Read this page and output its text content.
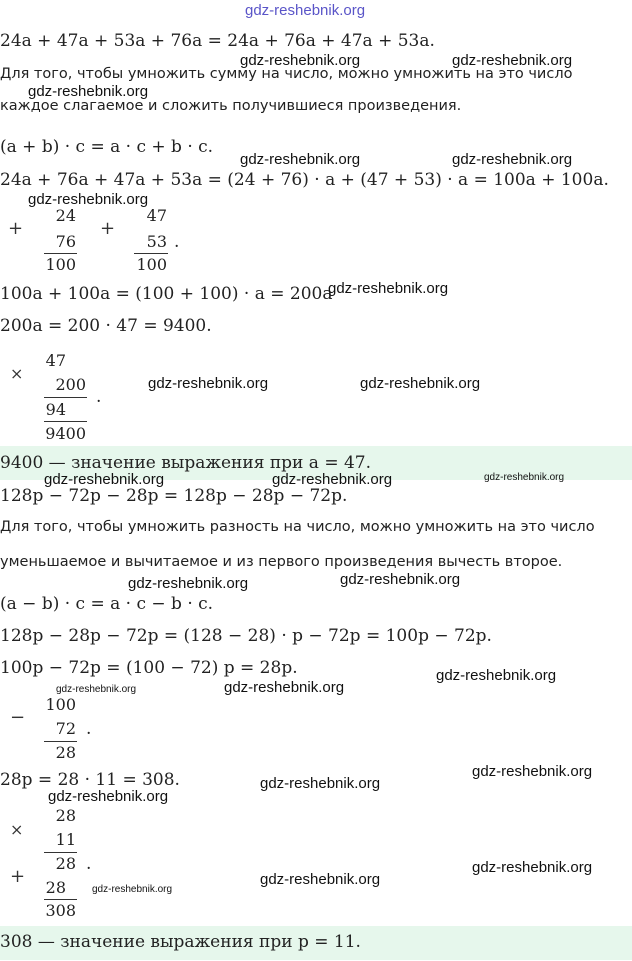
gdz-reshebnik.org
24a + 47a + 53a + 76a = 24a + 76a + 47a + 53a.
gdz-reshebnik.org	gdz-reshebnik.org
Для того, чтобы умножить сумму на число, можно умножить на это число
gdz-reshebnik.org
каждое слагаемое и сложить получившиеся произведения.
(a + b) · c = a · c + b · c.
gdz-reshebnik.org	gdz-reshebnik.org
24a + 76a + 47a + 53a = (24 + 76) · a + (47 + 53) · a = 100a + 100a.
gdz-reshebnik.org
+
24
76
100
+
47
53
100
.
100a + 100a = (100 + 100) · a = 200a
gdz-reshebnik.org
200a = 200 · 47 = 9400.
×
47
200
94
9400
.
gdz-reshebnik.org	gdz-reshebnik.org
9400 — значение выражения при a = 47.
gdz-reshebnik.org	gdz-reshebnik.org	gdz-reshebnik.org
128p − 72p − 28p = 128p − 28p − 72p.
Для того, чтобы умножить разность на число, можно умножить на это число
уменьшаемое и вычитаемое и из первого произведения вычесть второе.
gdz-reshebnik.org	gdz-reshebnik.org
(a − b) · c = a · c − b · c.
128p − 28p − 72p = (128 − 28) · p − 72p = 100p − 72p.
100p − 72p = (100 − 72) p = 28p.	gdz-reshebnik.org
gdz-reshebnik.org	gdz-reshebnik.org
−
100
72
28
.
28p = 28 · 11 = 308.	gdz-reshebnik.org
gdz-reshebnik.org
gdz-reshebnik.org
×
28
11
28 .
+
28
308
gdz-reshebnik.org
gdz-reshebnik.org
gdz-reshebnik.org
308 — значение выражения при p = 11.
